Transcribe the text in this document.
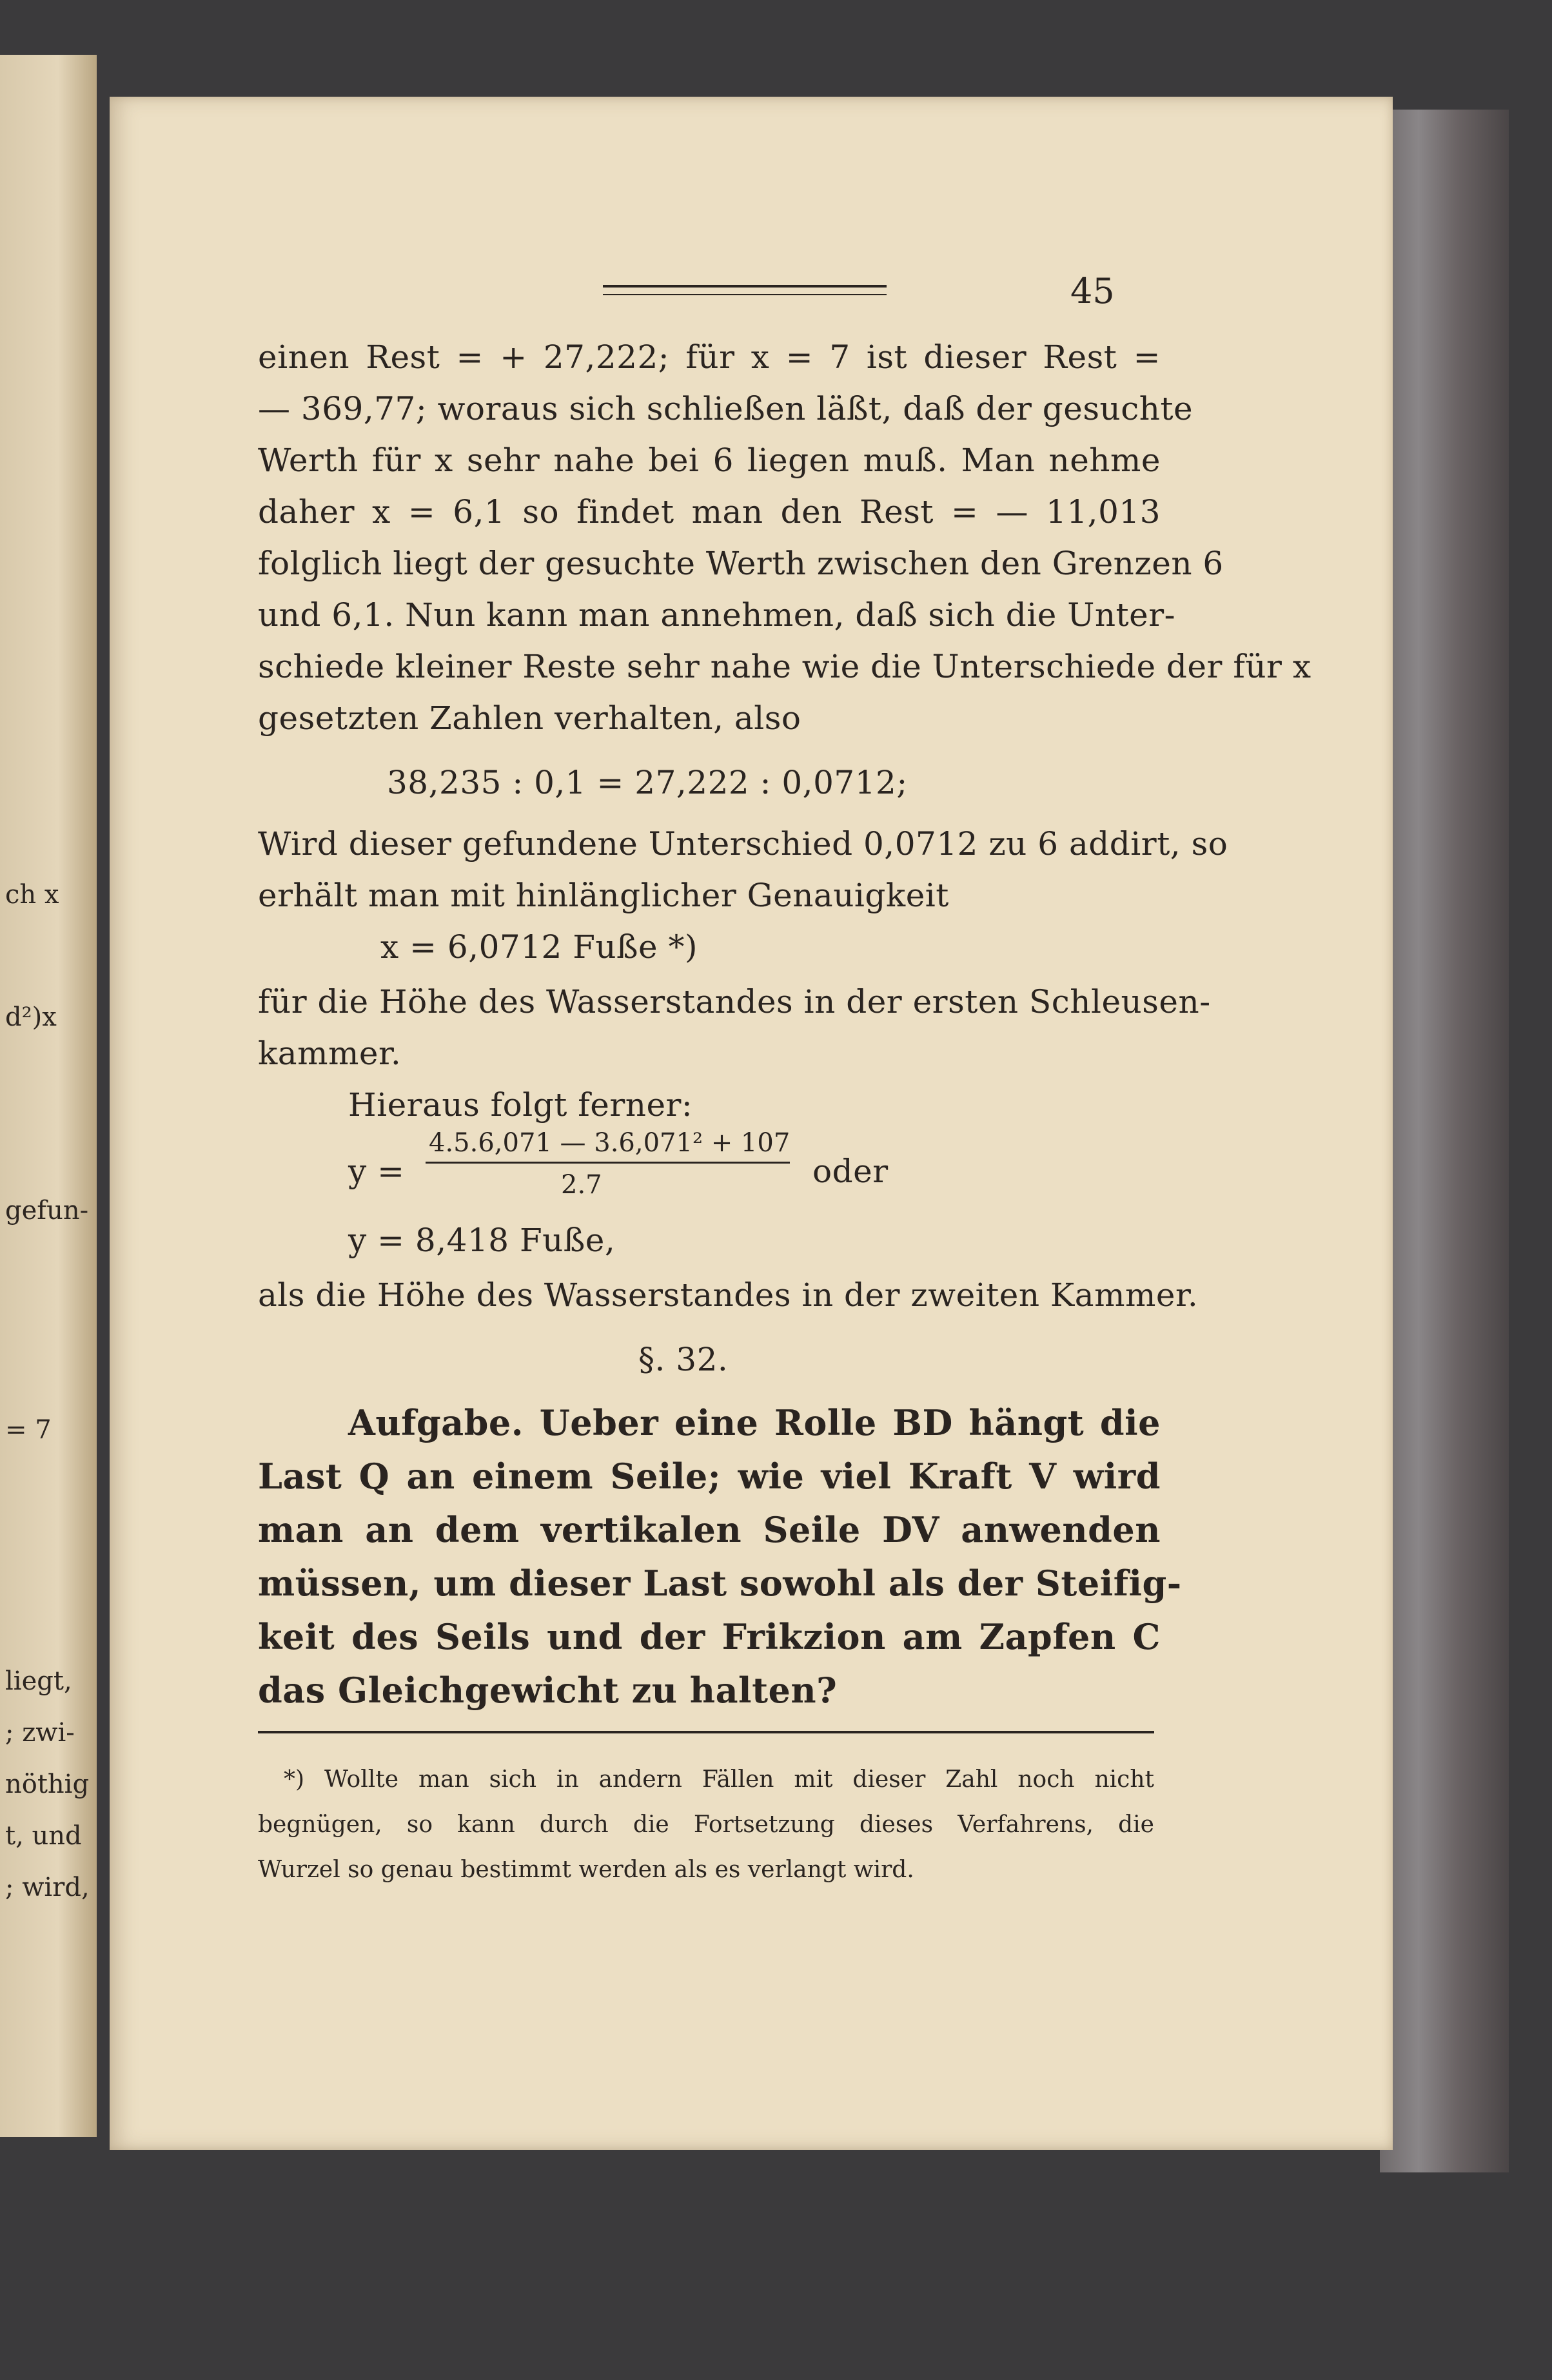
ch x
d²)x
gefun-
= 7
liegt,
; zwi-
nöthig
t, und
; wird,
45
einen Rest = + 27,222; für x = 7 ist dieser Rest =
— 369,77; woraus sich schließen läßt, daß der gesuchte
Werth für x sehr nahe bei 6 liegen muß. Man nehme
daher x = 6,1 so findet man den Rest = — 11,013
folglich liegt der gesuchte Werth zwischen den Grenzen 6
und 6,1. Nun kann man annehmen, daß sich die Unter-
schiede kleiner Reste sehr nahe wie die Unterschiede der für x
gesetzten Zahlen verhalten, also
38,235 : 0,1 = 27,222 : 0,0712;
Wird dieser gefundene Unterschied 0,0712 zu 6 addirt, so
erhält man mit hinlänglicher Genauigkeit
x = 6,0712 Fuße *)
für die Höhe des Wasserstandes in der ersten Schleusen-
kammer.
Hieraus folgt ferner:
y =
4.5.6,071 — 3.6,071² + 107
2.7	oder
y = 8,418 Fuße,
als die Höhe des Wasserstandes in der zweiten Kammer.
§. 32.
Aufgabe. Ueber eine Rolle BD hängt die
Last Q an einem Seile; wie viel Kraft V wird
man an dem vertikalen Seile DV anwenden
müssen, um dieser Last sowohl als der Steifig-
keit des Seils und der Frikzion am Zapfen C
das Gleichgewicht zu halten?
*) Wollte man sich in andern Fällen mit dieser Zahl noch nicht
begnügen, so kann durch die Fortsetzung dieses Verfahrens, die
Wurzel so genau bestimmt werden als es verlangt wird.
